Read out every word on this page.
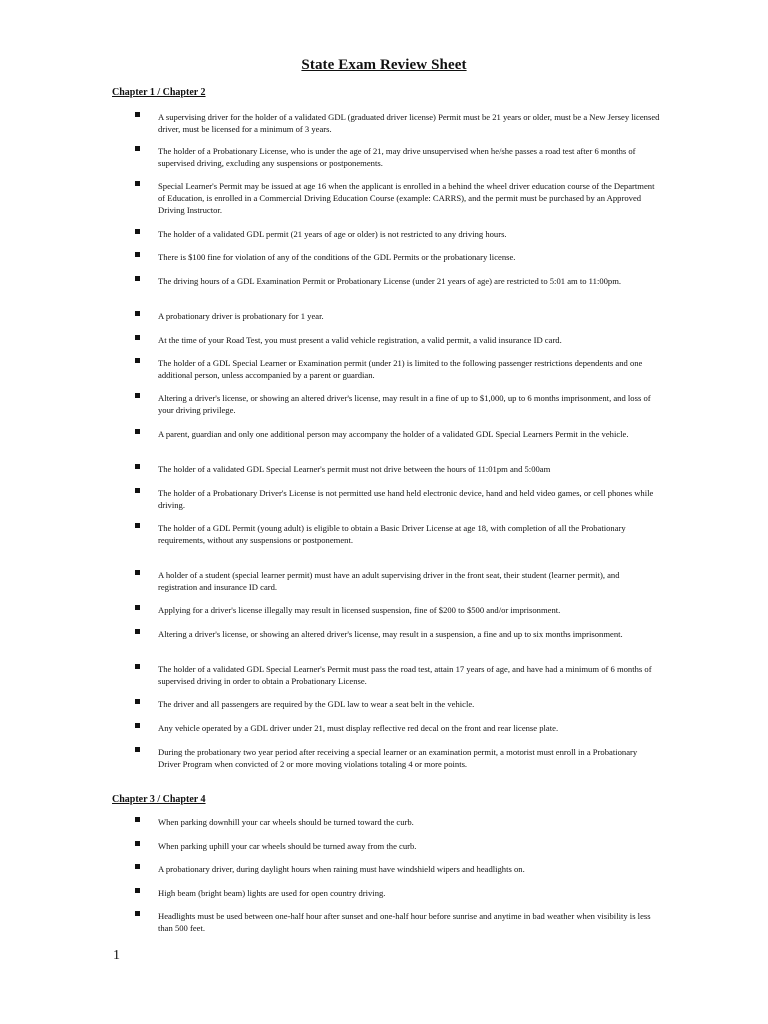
State Exam Review Sheet
Chapter 1 / Chapter 2
A supervising driver for the holder of a validated GDL (graduated driver license) Permit must be 21 years or older, must be a New Jersey licensed driver, must be licensed for a minimum of 3 years.
The holder of a Probationary License, who is under the age of 21, may drive unsupervised when he/she passes a road test after 6 months of supervised driving, excluding any suspensions or postponements.
Special Learner's Permit may be issued at age 16 when the applicant is enrolled in a behind the wheel driver education course of the Department of Education, is enrolled in a Commercial Driving Education Course (example: CARRS), and the permit must be purchased by an Approved Driving Instructor.
The holder of a validated GDL permit (21 years of age or older) is not restricted to any driving hours.
There is $100 fine for violation of any of the conditions of the GDL Permits or the probationary license.
The driving hours of a GDL Examination Permit or Probationary License (under 21 years of age) are restricted to 5:01 am to 11:00pm.
A probationary driver is probationary for 1 year.
At the time of your Road Test, you must present a valid vehicle registration, a valid permit, a valid insurance ID card.
The holder of a GDL Special Learner or Examination permit (under 21) is limited to the following passenger restrictions dependents and one additional person, unless accompanied by a parent or guardian.
Altering a driver's license, or showing an altered driver's license, may result in a fine of up to $1,000, up to 6 months imprisonment, and loss of your driving privilege.
A parent, guardian and only one additional person may accompany the holder of a validated GDL Special Learners Permit in the vehicle.
The holder of a validated GDL Special Learner's permit must not drive between the hours of 11:01pm and 5:00am
The holder of a Probationary Driver's License is not permitted use hand held electronic device, hand and held video games, or cell phones while driving.
The holder of a GDL Permit (young adult) is eligible to obtain a Basic Driver License at age 18, with completion of all the Probationary requirements, without any suspensions or postponement.
A holder of a student (special learner permit) must have an adult supervising driver in the front seat, their student (learner permit), and registration and insurance ID card.
Applying for a driver's license illegally may result in licensed suspension, fine of $200 to $500 and/or imprisonment.
Altering a driver's license, or showing an altered driver's license, may result in a suspension, a fine and up to six months imprisonment.
The holder of a validated GDL Special Learner's Permit must pass the road test, attain 17 years of age, and have had a minimum of 6 months of supervised driving in order to obtain a Probationary License.
The driver and all passengers are required by the GDL law to wear a seat belt in the vehicle.
Any vehicle operated by a GDL driver under 21, must display reflective red decal on the front and rear license plate.
During the probationary two year period after receiving a special learner or an examination permit, a motorist must enroll in a Probationary Driver Program when convicted of 2 or more moving violations totaling 4 or more points.
Chapter 3 / Chapter 4
When parking downhill your car wheels should be turned toward the curb.
When parking uphill your car wheels should be turned away from the curb.
A probationary driver, during daylight hours when raining must have windshield wipers and headlights on.
High beam (bright beam) lights are used for open country driving.
Headlights must be used between one-half hour after sunset and one-half hour before sunrise and anytime in bad weather when visibility is less than 500 feet.
1
